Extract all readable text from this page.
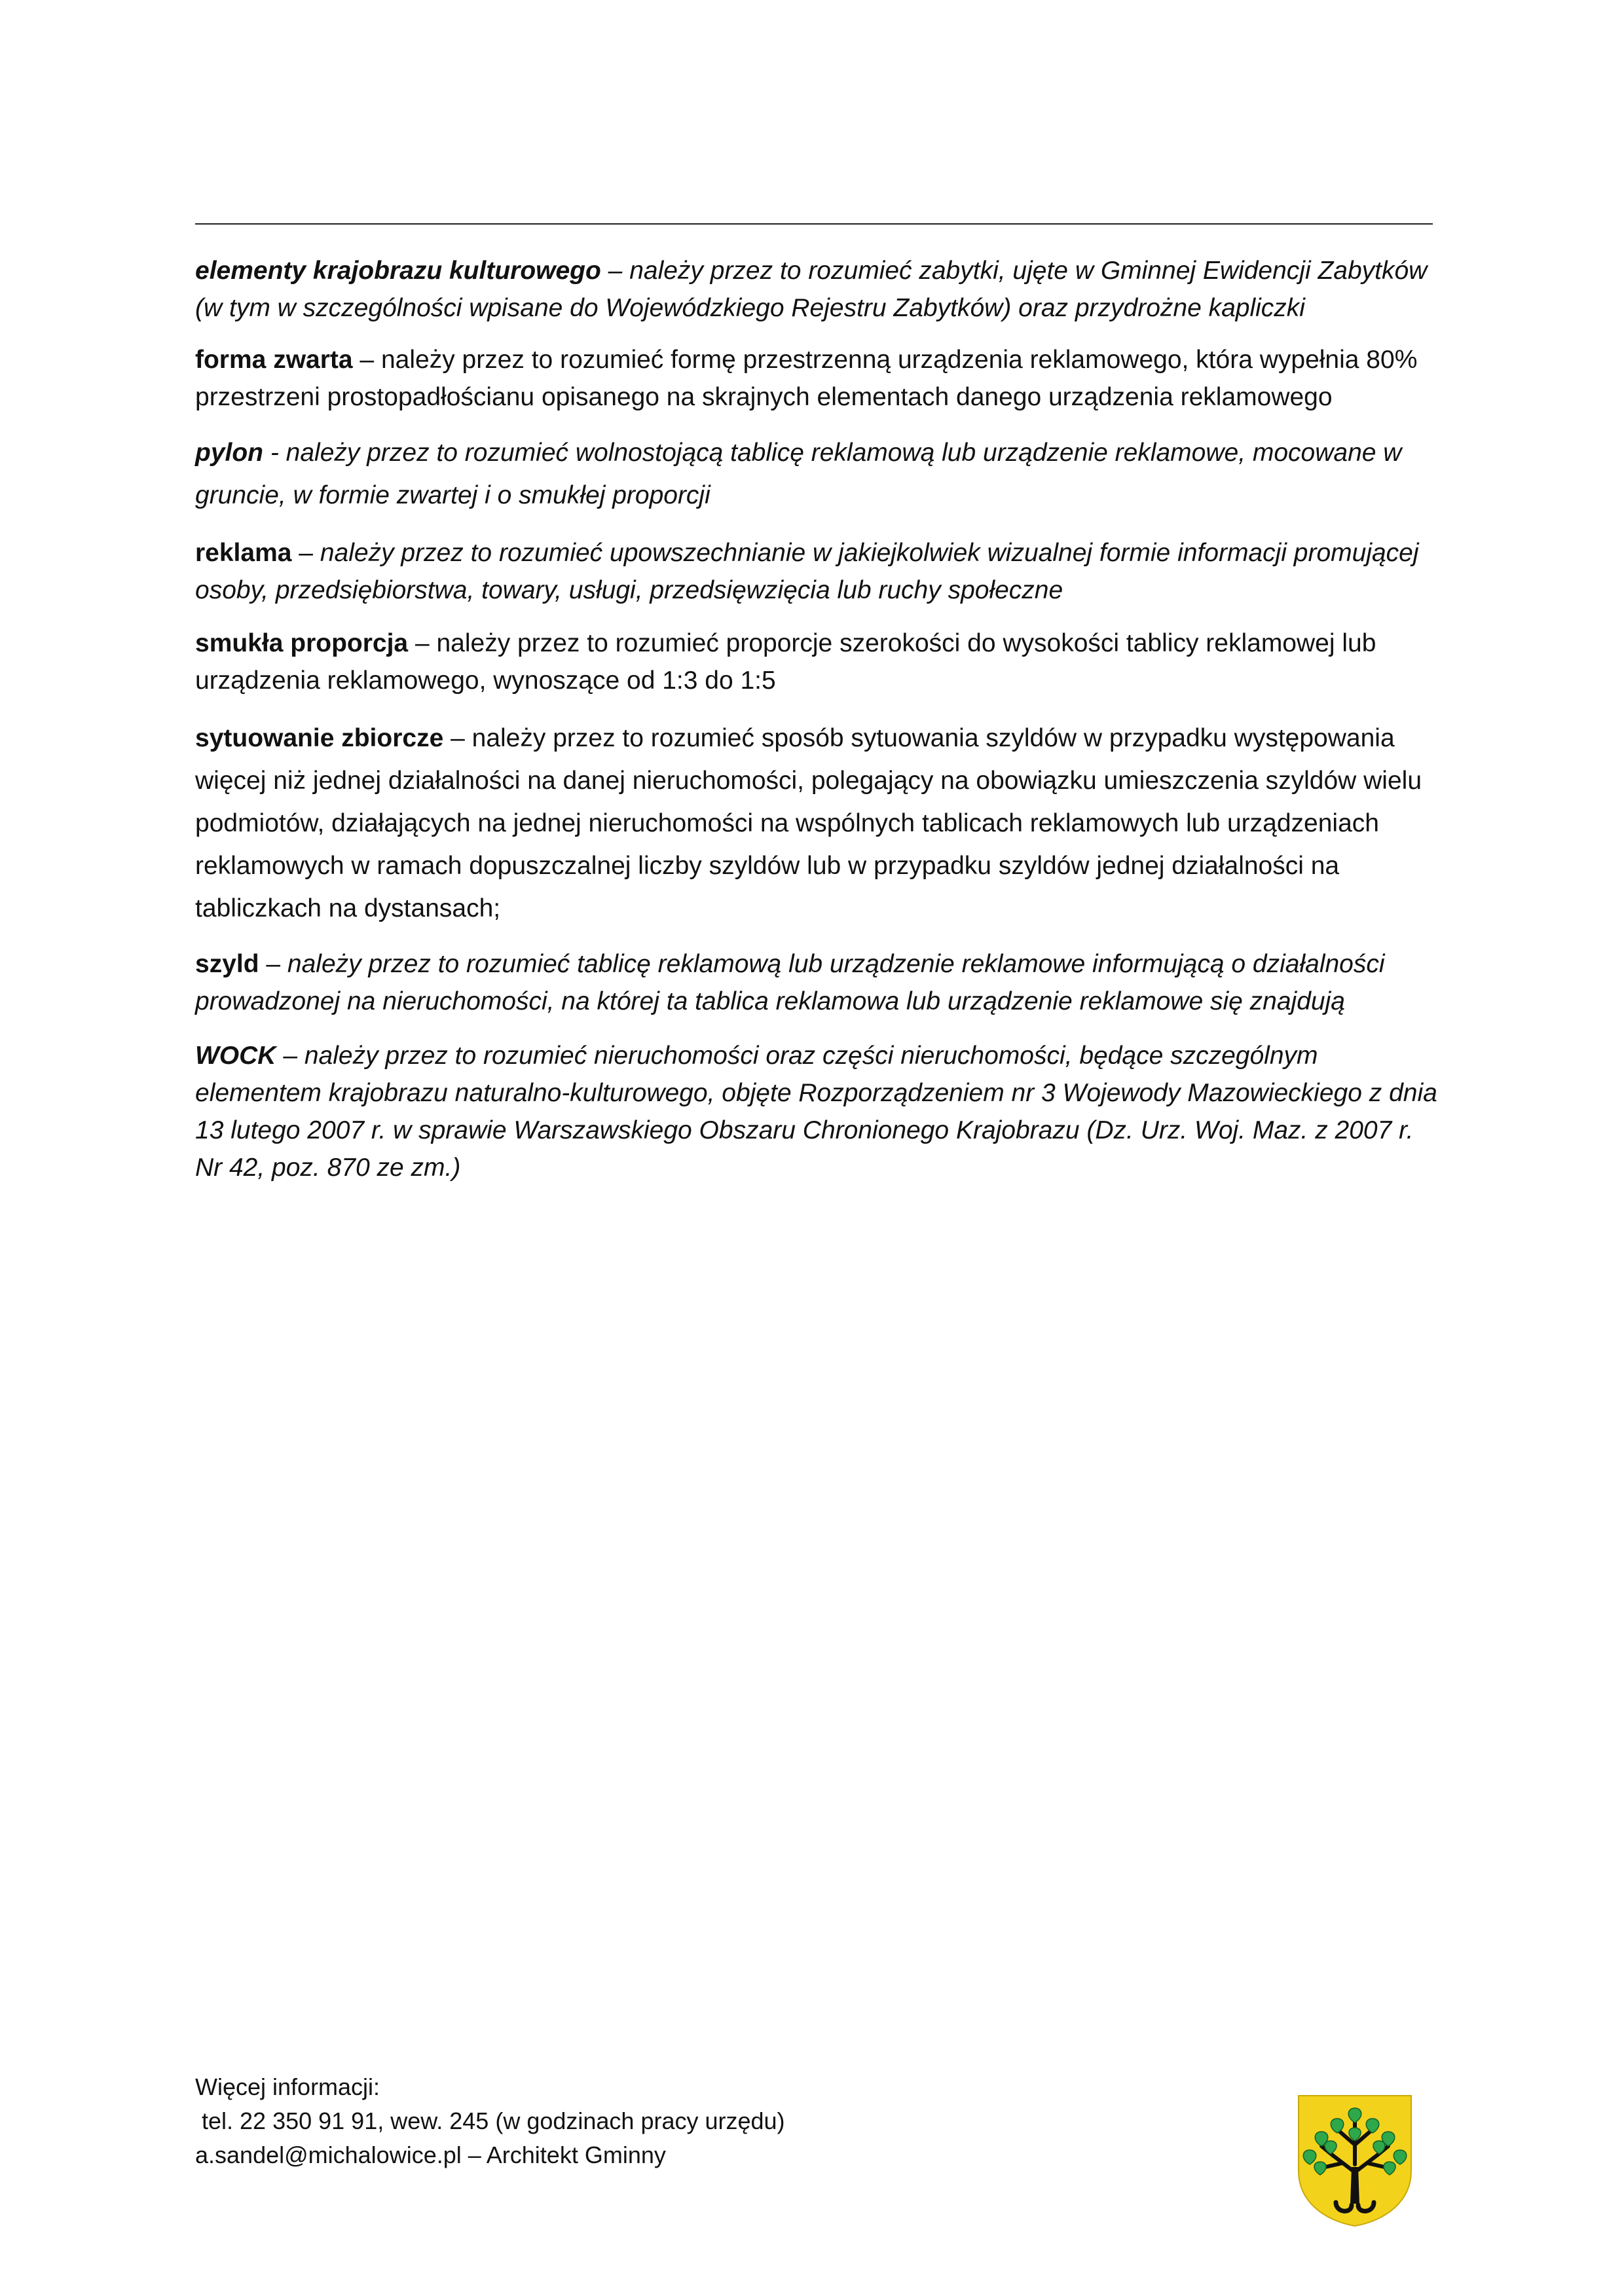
elementy krajobrazu kulturowego – należy przez to rozumieć zabytki, ujęte w Gminnej Ewidencji Zabytków (w tym w szczególności wpisane do Wojewódzkiego Rejestru Zabytków) oraz przydrożne kapliczki

forma zwarta – należy przez to rozumieć formę przestrzenną urządzenia reklamowego, która wypełnia 80% przestrzeni prostopadłościanu opisanego na skrajnych elementach danego urządzenia reklamowego

pylon - należy przez to rozumieć wolnostojącą tablicę reklamową lub urządzenie reklamowe, mocowane w gruncie, w formie zwartej i o smukłej proporcji

reklama – należy przez to rozumieć upowszechnianie w jakiejkolwiek wizualnej formie informacji promującej osoby, przedsiębiorstwa, towary, usługi, przedsięwzięcia lub ruchy społeczne

smukła proporcja – należy przez to rozumieć proporcje szerokości do wysokości tablicy reklamowej lub urządzenia reklamowego, wynoszące od 1:3 do 1:5

sytuowanie zbiorcze – należy przez to rozumieć sposób sytuowania szyldów w przypadku występowania więcej niż jednej działalności na danej nieruchomości, polegający na obowiązku umieszczenia szyldów wielu podmiotów, działających na jednej nieruchomości na wspólnych tablicach reklamowych lub urządzeniach reklamowych w ramach dopuszczalnej liczby szyldów lub w przypadku szyldów jednej działalności na tabliczkach na dystansach;

szyld – należy przez to rozumieć tablicę reklamową lub urządzenie reklamowe informującą o działalności prowadzonej na nieruchomości, na której ta tablica reklamowa lub urządzenie reklamowe się znajdują

WOCK – należy przez to rozumieć nieruchomości oraz części nieruchomości, będące szczególnym elementem krajobrazu naturalno-kulturowego, objęte Rozporządzeniem nr 3 Wojewody Mazowieckiego z dnia 13 lutego 2007 r. w sprawie Warszawskiego Obszaru Chronionego Krajobrazu (Dz. Urz. Woj. Maz. z 2007 r. Nr 42, poz. 870 ze zm.)

Więcej informacji:
tel. 22 350 91 91, wew. 245 (w godzinach pracy urzędu)
a.sandel@michalowice.pl – Architekt Gminny
